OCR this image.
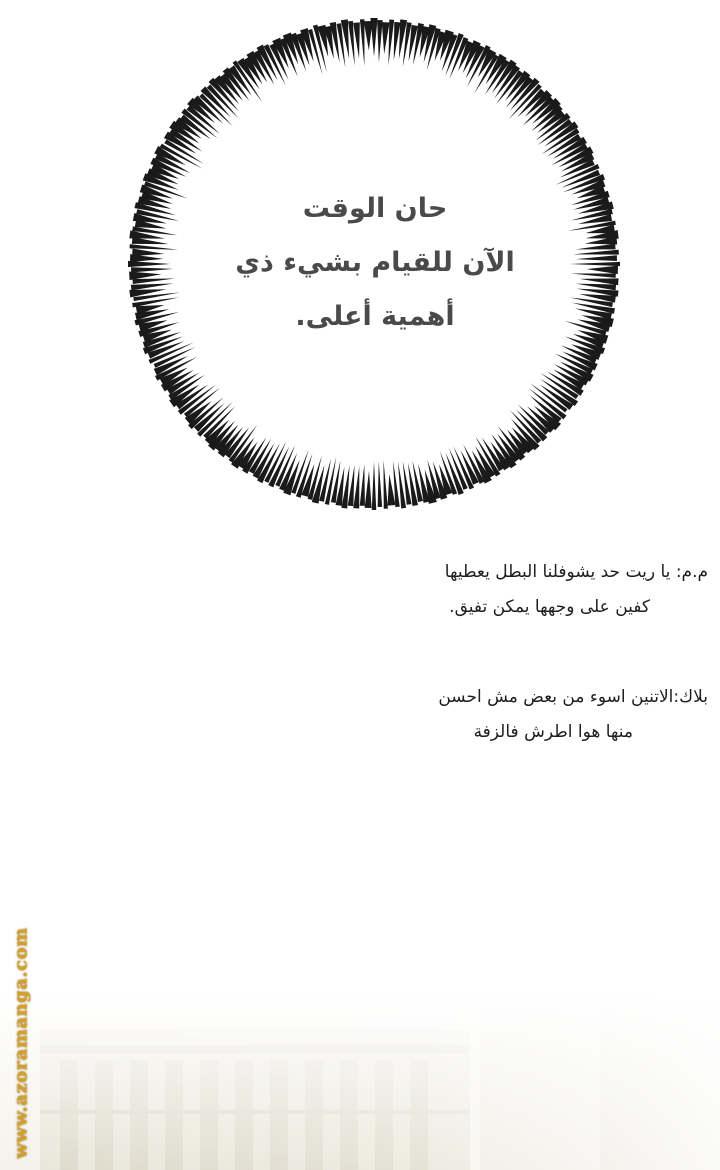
حان الوقت
الآن للقيام بشيء ذي
أهمية أعلى.
م.م: يا ريت حد يشوفلنا البطل يعطيها
كفين على وجهها يمكن تفيق.
بلاك:الاتنين اسوء من بعض مش احسن
منها هوا اطرش فالزفة
www.azoramanga.com
